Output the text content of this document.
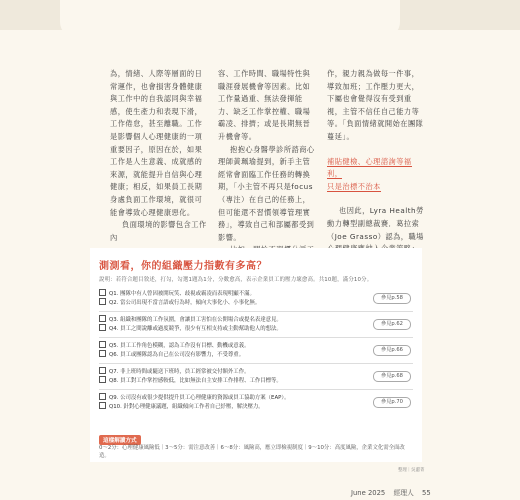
為，情緒、人際等層面的日常運作，也會損害身體健康與工作中的自我認同與幸福感，使生產力和表現下滑，工作倦怠，甚至離職。工作是影響個人心理健康的一項重要因子，原因在於，如果工作是人生意義、成就感的來源，就能提升自信與心理健康；相反，如果員工長期身處負面工作環境，就很可能會導致心理健康惡化。

負面環境的影響包含工作內

容、工作時間、職場特性與職涯發展機會等因素。比如工作量過重、無法發揮能力、缺乏工作掌控權、職場霸凌、排擠；或是長期無晉升機會等。

抱抱心身醫學診所諮商心理師黃珮瑜提到，新手主管經常會面臨工作任務的轉換期，「小主管不再只是focus（專注）在自己的任務上，但可能還不習慣領導管理實務」，導致自己和部屬都受到影響。

作，親力親為做每一件事，導致加班；工作壓力更大，下屬也會覺得沒有受到重視，主管不信任自己能力等等。「負面情緒就開始在團隊蔓延」。

補貼健檢、心理諮詢等福利，
只是治標不治本

也因此，Lyra Health勞動力轉型副總裁賽．葛拉索（Joe Grasso）認為，職場

測測看，你的組織壓力指數有多高？
說明：若符合題目敘述，打勾，勾選1題為1分，分數愈高，表示企業員工的壓力壞愈高。共10題，滿分10分。
Q1. 團隊中有人曾因被開玩笑、歧視或霸凌而表現明顯不滿。
Q2. 當公司出現不當言語或行為時，傾向大事化小、小事化無。
參見p.58
Q3. 組織和團隊的工作氛圍，會讓員工害怕在公開場合或提名表達意見。
Q4. 員工之間說離或過度競爭，很少有互相支持或主動幫助他人的想法。
參見p.62
Q5. 員工工作角色模糊，認為工作沒有目標、動機或意義。
Q6. 員工或團隊認為自己在公司沒有影響力，不受尊重。
參見p.66
Q7. 非上班時間或隨送下班時，員工經常被交付額外工作。
Q8. 員工對工作掌控感較低，比如無法自主安排工作排程、工作目標等。
參見p.68
Q9. 公司沒有或很少提供提升員工心理健康的資源或員工協助方案（EAP）。
Q10. 針對心理健康議題，組織傾向工作者自己紓壓，解決壓力。
參見p.70
這樣解讀方式
0～2分：心理健康風險低｜3～5分：需注意改善｜6～8分：風險高，應立即檢視制度｜9～10分：高度風險，企業文化需全面改造。
整理｜吳蕙菁
June 2025 經理人 55
